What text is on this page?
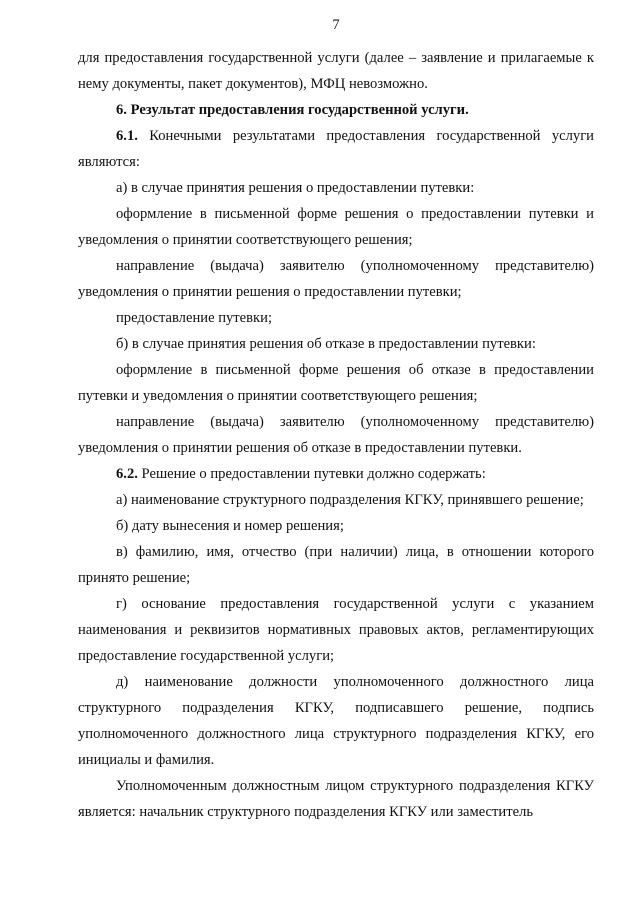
7

для предоставления государственной услуги (далее – заявление и прилагаемые к нему документы, пакет документов), МФЦ невозможно.

6. Результат предоставления государственной услуги.

6.1. Конечными результатами предоставления государственной услуги являются:

а) в случае принятия решения о предоставлении путевки:

оформление в письменной форме решения о предоставлении путевки и уведомления о принятии соответствующего решения;

направление (выдача) заявителю (уполномоченному представителю) уведомления о принятии решения о предоставлении путевки;

предоставление путевки;

б) в случае принятия решения об отказе в предоставлении путевки:

оформление в письменной форме решения об отказе в предоставлении путевки и уведомления о принятии соответствующего решения;

направление (выдача) заявителю (уполномоченному представителю) уведомления о принятии решения об отказе в предоставлении путевки.

6.2. Решение о предоставлении путевки должно содержать:

а) наименование структурного подразделения КГКУ, принявшего решение;

б) дату вынесения и номер решения;

в) фамилию, имя, отчество (при наличии) лица, в отношении которого принято решение;

г) основание предоставления государственной услуги с указанием наименования и реквизитов нормативных правовых актов, регламентирующих предоставление государственной услуги;

д) наименование должности уполномоченного должностного лица структурного подразделения КГКУ, подписавшего решение, подпись уполномоченного должностного лица структурного подразделения КГКУ, его инициалы и фамилия.

Уполномоченным должностным лицом структурного подразделения КГКУ является: начальник структурного подразделения КГКУ или заместитель
